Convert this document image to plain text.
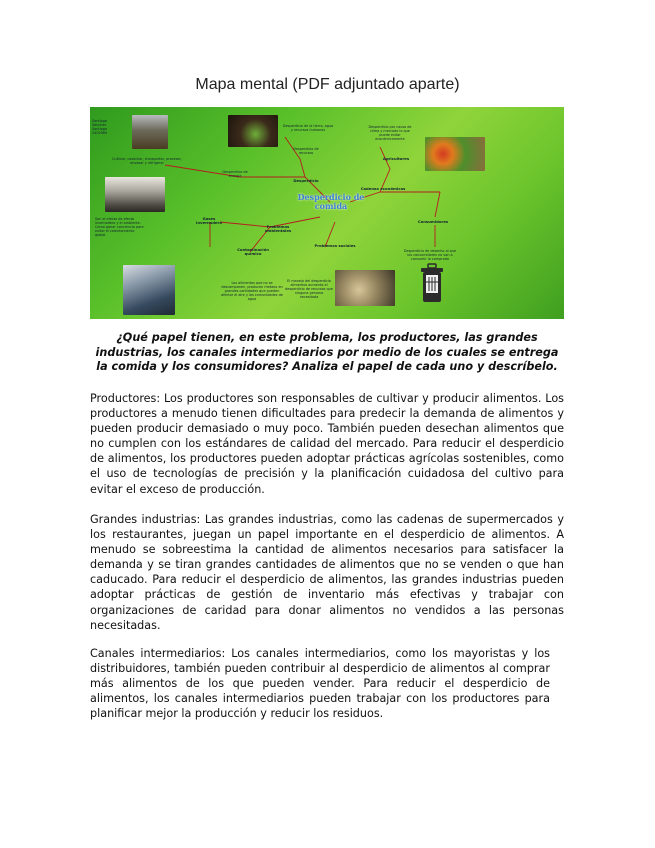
Mapa mental (PDF adjuntado aparte)
Desperdicio de comida
Santiago Sánchez Santiago 2402989
Desperdicio de la tierra, agua y recursos humanos
Desperdicio de recursos
Cultivar, cosechar, transportar, procesar, envasar y refrigerar
Desperdicio de energía
Desperdicio
Desperdicio por causa de clima y mercado lo que puede evitar económicamente
Agricultores
Cadenas económicas
Consumidores
Desperdicio de desecho al que los consumidores no van a consumir lo comprado
Gases invernadero
Son el efecto de efecto invernadero y el ambiente. Como ganar conciencia para evitar el calentamiento global
Problemas ambientales
Problemas sociales
Contaminación química
Los alimentos que no se descomponen, producen metano en grandes cantidades que pueden afectar el aire y las comunidades de agua
El manejo del desperdicio alimentos aumenta el desperdicio de recursos que ninguna persona necesitada
¿Qué papel tienen, en este problema, los productores, las grandes industrias, los canales intermediarios por medio de los cuales se entrega la comida y los consumidores? Analiza el papel de cada uno y descríbelo.
Productores: Los productores son responsables de cultivar y producir alimentos. Los productores a menudo tienen dificultades para predecir la demanda de alimentos y pueden producir demasiado o muy poco. También pueden desechan alimentos que no cumplen con los estándares de calidad del mercado. Para reducir el desperdicio de alimentos, los productores pueden adoptar prácticas agrícolas sostenibles, como el uso de tecnologías de precisión y la planificación cuidadosa del cultivo para evitar el exceso de producción.
Grandes industrias: Las grandes industrias, como las cadenas de supermercados y los restaurantes, juegan un papel importante en el desperdicio de alimentos. A menudo se sobreestima la cantidad de alimentos necesarios para satisfacer la demanda y se tiran grandes cantidades de alimentos que no se venden o que han caducado. Para reducir el desperdicio de alimentos, las grandes industrias pueden adoptar prácticas de gestión de inventario más efectivas y trabajar con organizaciones de caridad para donar alimentos no vendidos a las personas necesitadas.
Canales intermediarios: Los canales intermediarios, como los mayoristas y los distribuidores, también pueden contribuir al desperdicio de alimentos al comprar más alimentos de los que pueden vender. Para reducir el desperdicio de alimentos, los canales intermediarios pueden trabajar con los productores para planificar mejor la producción y reducir los residuos.
